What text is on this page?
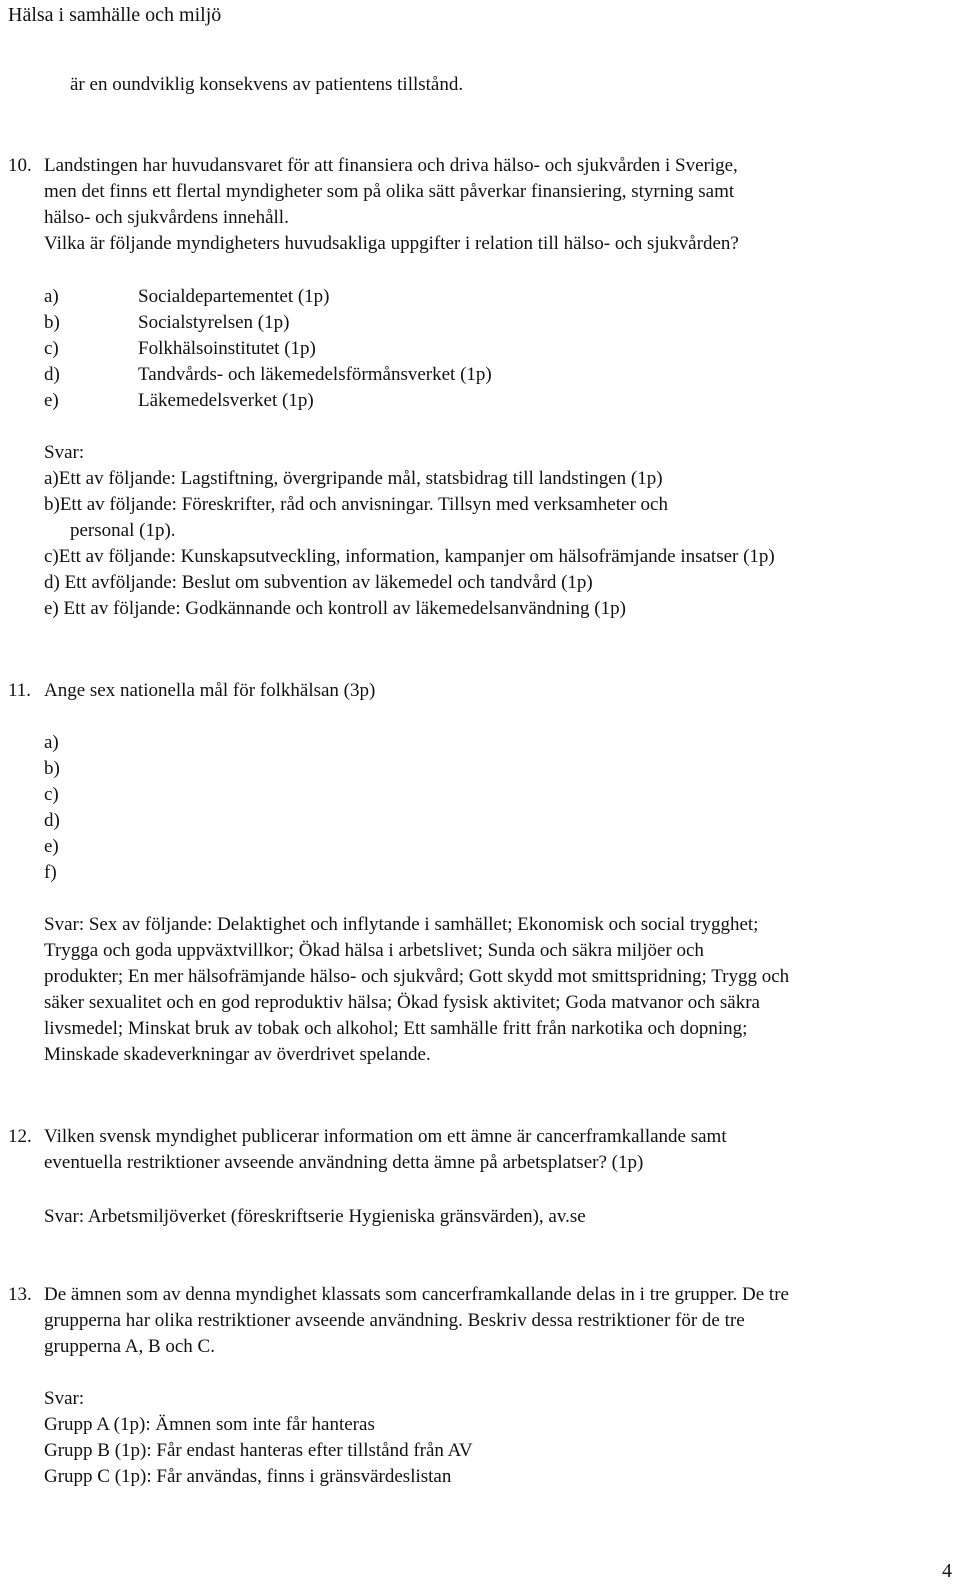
Hälsa i samhälle och miljö
är en oundviklig konsekvens av patientens tillstånd.
10. Landstingen har huvudansvaret för att finansiera och driva hälso- och sjukvården i Sverige,
men det finns ett flertal myndigheter som på olika sätt påverkar finansiering, styrning samt
hälso- och sjukvårdens innehåll.
Vilka är följande myndigheters huvudsakliga uppgifter i relation till hälso- och sjukvården?
a)	Socialdepartementet (1p)
b)	Socialstyrelsen (1p)
c)	Folkhälsoinstitutet (1p)
d)	Tandvårds- och läkemedelsförmånsverket (1p)
e)	Läkemedelsverket (1p)
Svar:
a)Ett av följande: Lagstiftning, övergripande mål, statsbidrag till landstingen (1p)
b)Ett av följande: Föreskrifter, råd och anvisningar. Tillsyn med verksamheter och
personal (1p).
c)Ett av följande: Kunskapsutveckling, information, kampanjer om hälsofrämjande insatser (1p)
d) Ett avföljande: Beslut om subvention av läkemedel och tandvård (1p)
e) Ett av följande: Godkännande och kontroll av läkemedelsanvändning (1p)
11. Ange sex nationella mål för folkhälsan (3p)
a)
b)
c)
d)
e)
f)
Svar: Sex av följande: Delaktighet och inflytande i samhället; Ekonomisk och social trygghet;
Trygga och goda uppväxtvillkor; Ökad hälsa i arbetslivet; Sunda och säkra miljöer och
produkter; En mer hälsofrämjande hälso- och sjukvård; Gott skydd mot smittspridning; Trygg och
säker sexualitet och en god reproduktiv hälsa; Ökad fysisk aktivitet; Goda matvanor och säkra
livsmedel; Minskat bruk av tobak och alkohol; Ett samhälle fritt från narkotika och dopning;
Minskade skadeverkningar av överdrivet spelande.
12. Vilken svensk myndighet publicerar information om ett ämne är cancerframkallande samt
eventuella restriktioner avseende användning detta ämne på arbetsplatser? (1p)
Svar: Arbetsmiljöverket (föreskriftserie Hygieniska gränsvärden), av.se
13. De ämnen som av denna myndighet klassats som cancerframkallande delas in i tre grupper. De tre
grupperna har olika restriktioner avseende användning. Beskriv dessa restriktioner för de tre
grupperna A, B och C.
Svar:
Grupp A (1p): Ämnen som inte får hanteras
Grupp B (1p): Får endast hanteras efter tillstånd från AV
Grupp C (1p): Får användas, finns i gränsvärdeslistan
4
